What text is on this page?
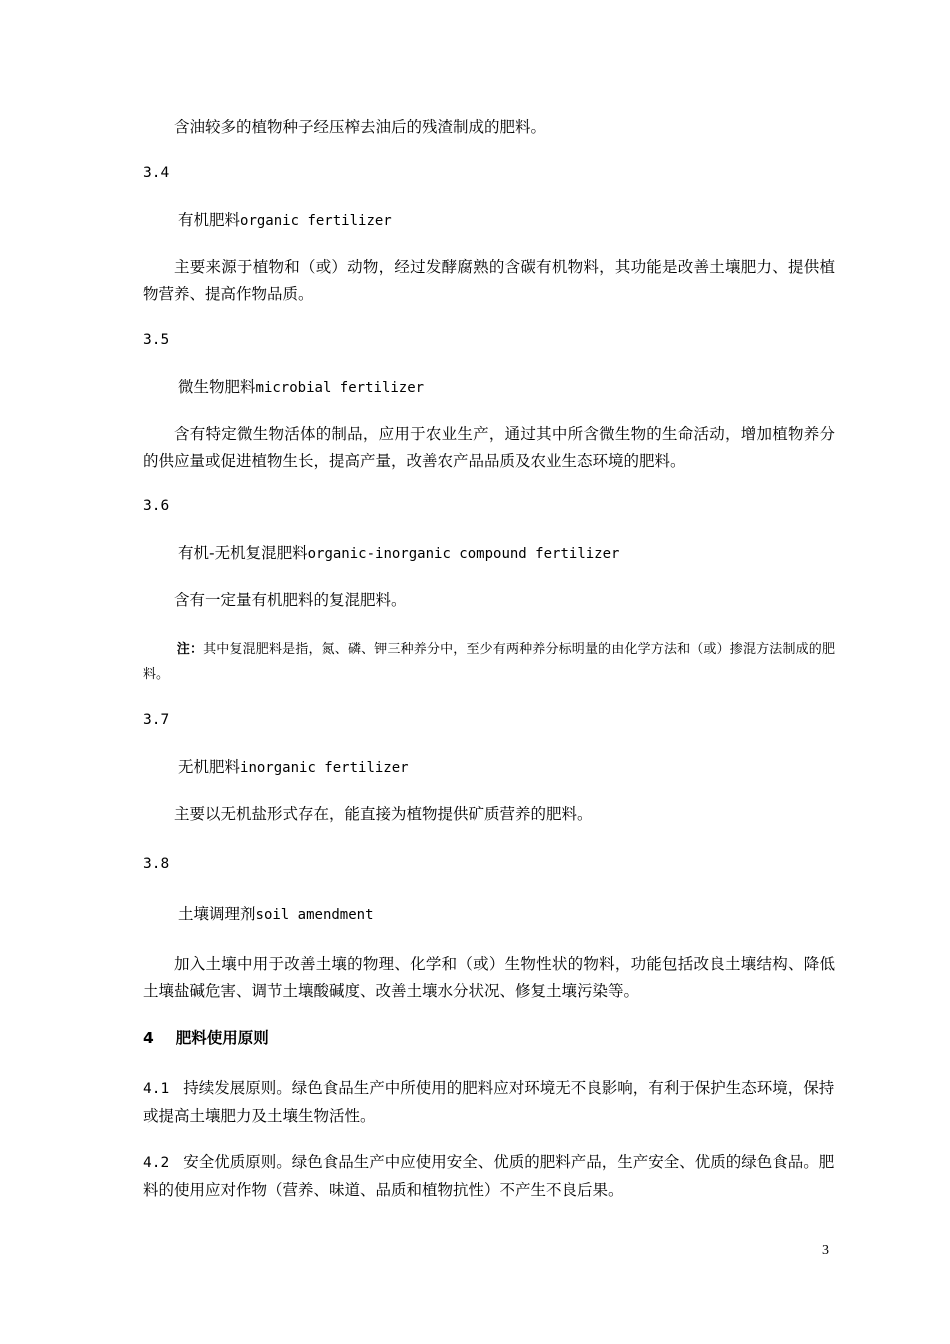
含油较多的植物种子经压榨去油后的残渣制成的肥料。
3.4
有机肥料organic fertilizer
主要来源于植物和（或）动物，经过发酵腐熟的含碳有机物料，其功能是改善土壤肥力、提供植物营养、提高作物品质。
3.5
微生物肥料microbial fertilizer
含有特定微生物活体的制品，应用于农业生产，通过其中所含微生物的生命活动，增加植物养分的供应量或促进植物生长，提高产量，改善农产品品质及农业生态环境的肥料。
3.6
有机-无机复混肥料organic-inorganic compound fertilizer
含有一定量有机肥料的复混肥料。
注：其中复混肥料是指，氮、磷、钾三种养分中，至少有两种养分标明量的由化学方法和（或）掺混方法制成的肥料。
3.7
无机肥料inorganic fertilizer
主要以无机盐形式存在，能直接为植物提供矿质营养的肥料。
3.8
土壤调理剂soil amendment
加入土壤中用于改善土壤的物理、化学和（或）生物性状的物料，功能包括改良土壤结构、降低土壤盐碱危害、调节土壤酸碱度、改善土壤水分状况、修复土壤污染等。
4 肥料使用原则
4.1 持续发展原则。绿色食品生产中所使用的肥料应对环境无不良影响，有利于保护生态环境，保持或提高土壤肥力及土壤生物活性。
4.2 安全优质原则。绿色食品生产中应使用安全、优质的肥料产品，生产安全、优质的绿色食品。肥料的使用应对作物（营养、味道、品质和植物抗性）不产生不良后果。
3
